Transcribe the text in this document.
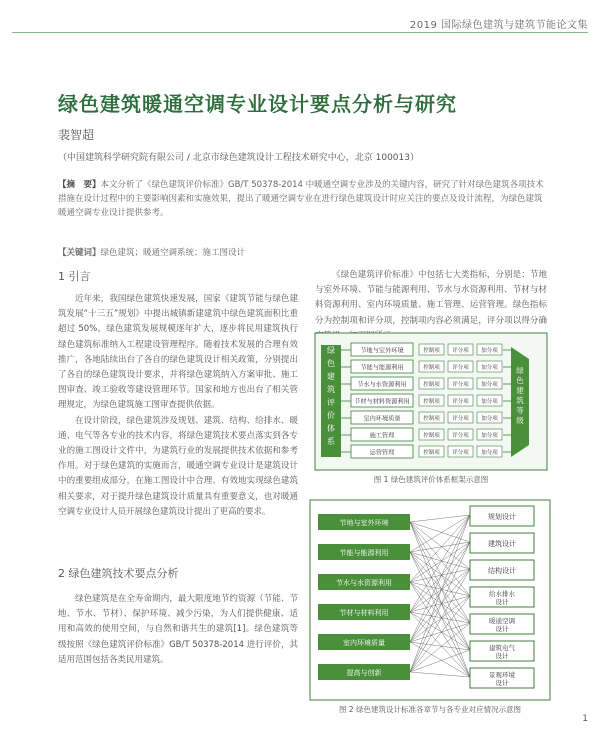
2019 国际绿色建筑与建筑节能论文集
绿色建筑暖通空调专业设计要点分析与研究
裴智超
（中国建筑科学研究院有限公司 / 北京市绿色建筑设计工程技术研究中心，北京 100013）
【摘　要】本文分析了《绿色建筑评价标准》GB/T 50378-2014 中暖通空调专业涉及的关键内容，研究了针对绿色建筑各项技术措施在设计过程中的主要影响因素和实施效果，提出了暖通空调专业在进行绿色建筑设计时应关注的要点及设计流程，为绿色建筑暖通空调专业设计提供参考。
【关键词】绿色建筑；暖通空调系统；施工图设计
1 引言

近年来，我国绿色建筑快速发展，国家《建筑节能与绿色建筑发展“十三五”规划》中提出城镇新建建筑中绿色建筑面积比重超过 50%，绿色建筑发展规模逐年扩大，逐步将民用建筑执行绿色建筑标准纳入工程建设管理程序。随着技术发展的合理有效推广，各地陆续出台了各自的绿色建筑设计相关政策，分别提出了各自的绿色建筑设计要求，并将绿色建筑纳入方案审批、施工图审查、竣工验收等建设管理环节。国家和地方也出台了相关管理规定，为绿色建筑施工图审查提供依据。

在设计阶段，绿色建筑涉及规划、建筑、结构、给排水、暖通、电气等各专业的技术内容，将绿色建筑技术要点落实到各专业的施工图设计文件中，为建筑行业的发展提供技术依据和参考作用。对于绿色建筑的实施而言，暖通空调专业设计是建筑设计中的重要组成部分，在施工图设计中合理、有效地实现绿色建筑相关要求，对于提升绿色建筑设计质量具有重要意义，也对暖通空调专业设计人员开展绿色建筑设计提出了更高的要求。

2 绿色建筑技术要点分析

绿色建筑是在全寿命期内，最大限度地节约资源（节能、节地、节水、节材）、保护环境、减少污染，为人们提供健康、适用和高效的使用空间，与自然和谐共生的建筑[1]。绿色建筑等级按照《绿色建筑评价标准》GB/T 50378-2014 进行评价，其适用范围包括各类民用建筑。

《绿色建筑评价标准》中包括七大类指标，分别是：节地与室外环境、节能与能源利用、节水与水资源利用、节材与材料资源利用、室内环境质量、施工管理、运营管理。绿色指标分为控制项和评分项，控制项内容必须满足，评分项以得分确

绿色建筑评价体系
节地与室外环境
节能与能源利用
节水与水资源利用
节材与材料资源利用
室内环境质量
施工管理
运营管理
控制项 评分项 加分项
控制项 评分项 加分项
控制项 评分项 加分项
控制项 评分项 加分项
控制项 评分项 加分项
控制项 评分项 加分项
控制项 评分项 加分项
绿色建筑等级
图 1 绿色建筑评价体系框架示意图
节地与室外环境
节能与能源利用
节水与水资源利用
节材与材料利用
室内环境质量
提高与创新
规划设计
建筑设计
结构设计
给水排水设计
暖通空调设计
建筑电气设计
景观环境设计
图 2 绿色建筑设计标准各章节与各专业对应情况示意图
1
